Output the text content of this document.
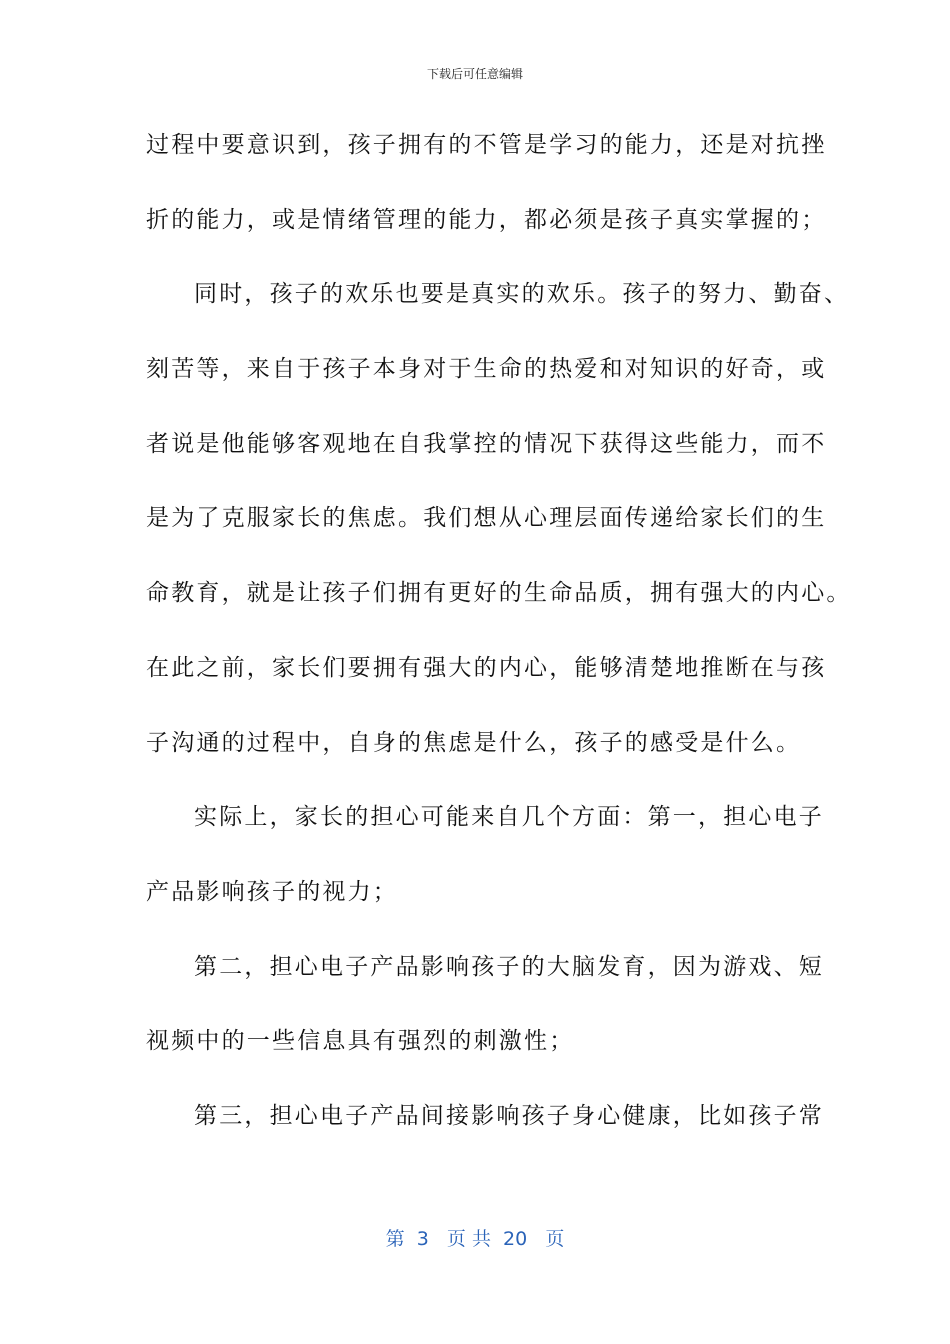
下载后可任意编辑
过程中要意识到，孩子拥有的不管是学习的能力，还是对抗挫
折的能力，或是情绪管理的能力，都必须是孩子真实掌握的；
同时，孩子的欢乐也要是真实的欢乐。孩子的努力、勤奋、
刻苦等，来自于孩子本身对于生命的热爱和对知识的好奇，或
者说是他能够客观地在自我掌控的情况下获得这些能力，而不
是为了克服家长的焦虑。我们想从心理层面传递给家长们的生
命教育，就是让孩子们拥有更好的生命品质，拥有强大的内心。
在此之前，家长们要拥有强大的内心，能够清楚地推断在与孩
子沟通的过程中，自身的焦虑是什么，孩子的感受是什么。
实际上，家长的担心可能来自几个方面：第一，担心电子
产品影响孩子的视力；
第二，担心电子产品影响孩子的大脑发育，因为游戏、短
视频中的一些信息具有强烈的刺激性；
第三，担心电子产品间接影响孩子身心健康，比如孩子常
第  3   页 共  20   页
